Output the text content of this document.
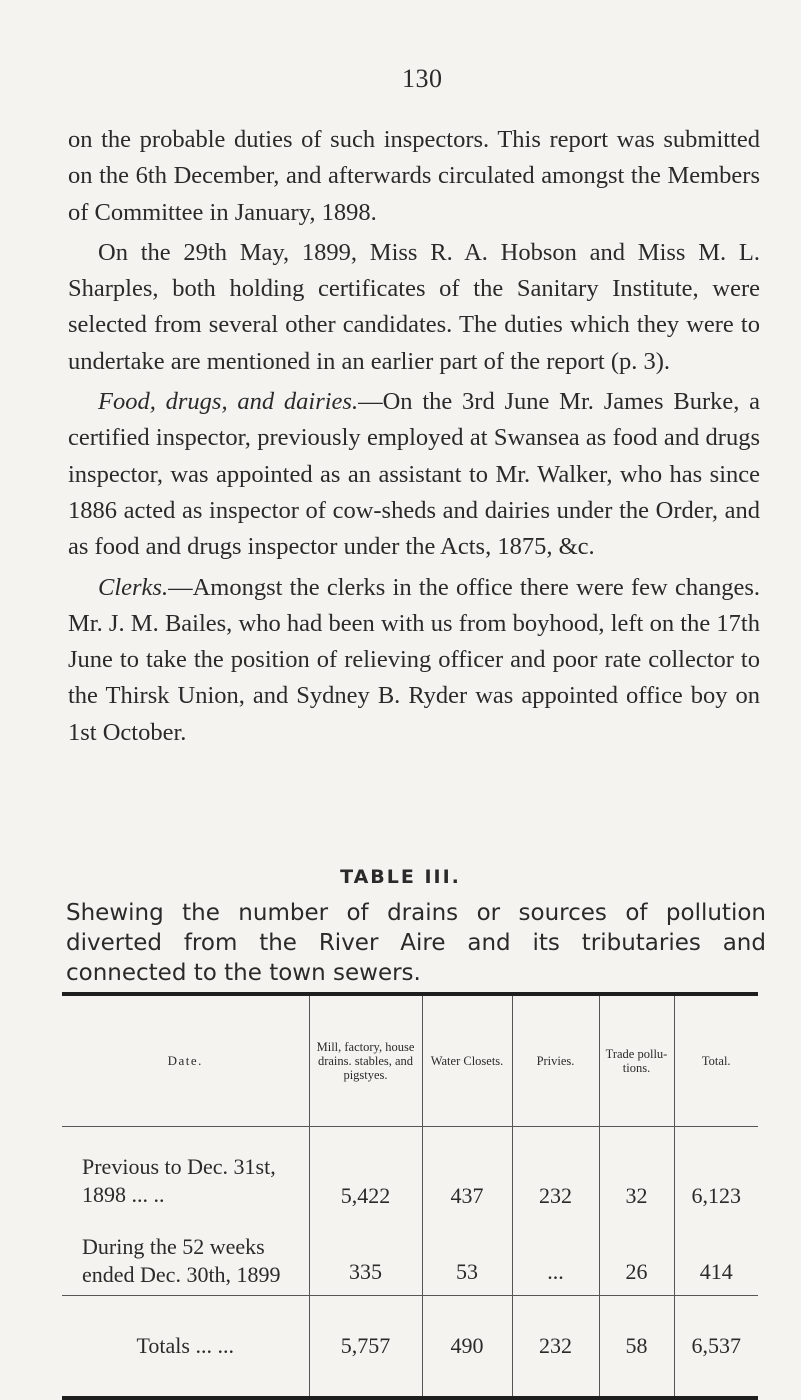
130

on the probable duties of such inspectors. This report was submitted on the 6th December, and afterwards circulated amongst the Members of Committee in January, 1898.

On the 29th May, 1899, Miss R. A. Hobson and Miss M. L. Sharples, both holding certificates of the Sanitary Institute, were selected from several other candidates. The duties which they were to undertake are mentioned in an earlier part of the report (p. 3).

Food, drugs, and dairies.—On the 3rd June Mr. James Burke, a certified inspector, previously employed at Swansea as food and drugs inspector, was appointed as an assistant to Mr. Walker, who has since 1886 acted as inspector of cow-sheds and dairies under the Order, and as food and drugs inspector under the Acts, 1875, &c.

Clerks.—Amongst the clerks in the office there were few changes. Mr. J. M. Bailes, who had been with us from boyhood, left on the 17th June to take the position of relieving officer and poor rate collector to the Thirsk Union, and Sydney B. Ryder was appointed office boy on 1st October.

TABLE III.
Shewing the number of drains or sources of pollution diverted from the River Aire and its tributaries and connected to the town sewers.
Date.	Mill, factory, house drains. stables, and pigstyes.	Water Closets.	Privies.	Trade pollu-tions.	Total.
Previous to Dec. 31st, 1898 ... ..	5,422	437	232	32	6,123
During the 52 weeks ended Dec. 30th, 1899	335	53	...	26	414
Totals ... ...	5,757	490	232	58	6,537
